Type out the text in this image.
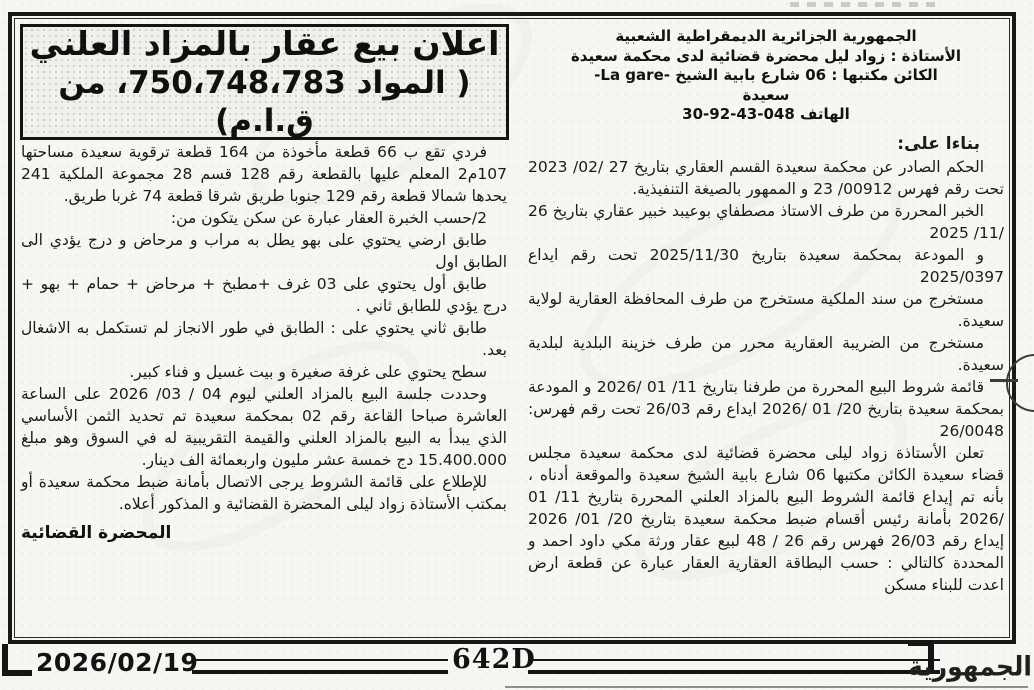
اعلان بيع عقار بالمزاد العلني
( المواد 750،748،783، من ق.ا.م)
الجمهورية الجزائرية الديمقراطية الشعبية
الأستاذة : زواد ليل محضرة قضائية لدى محكمة سعيدة
الكائن مكتبها : 06 شارع بابية الشيخ -La gare-
سعيدة
الهاتف 048-43-92-30
بناءا على:

الحكم الصادر عن محكمة سعيدة القسم العقاري بتاريخ 27 /02/ 2023 تحت رقم فهرس 00912/ 23 و الممهور بالصيغة التنفيذية.

الخبر المحررة من طرف الاستاذ مصطفاي بوعيبد خبير عقاري بتاريخ 26 /11/ 2025

و المودعة بمحكمة سعيدة بتاريخ 2025/11/30 تحت رقم ايداع 2025/0397

مستخرج من سند الملكية مستخرج من طرف المحافظة العقارية لولاية سعيدة.

مستخرج من الضريبة العقارية محرر من طرف خزينة البلدية لبلدية سعيدة.

قائمة شروط البيع المحررة من طرفنا بتاريخ 11/ 01 /2026 و المودعة بمحكمة سعيدة بتاريخ 20/ 01 /2026 ايداع رقم 26/03 تحت رقم فهرس: 26/0048

تعلن الأستاذة زواد ليلى محضرة قضائية لدى محكمة سعيدة مجلس قضاء سعيدة الكائن مكتبها 06 شارع بابية الشيخ سعيدة والموقعة أدناه ، بأنه تم إيداع قائمة الشروط البيع بالمزاد العلني المحررة بتاريخ 11/ 01 /2026 بأمانة رئيس أقسام ضبط محكمة سعيدة بتاريخ 20/ 01/ 2026 إيداع رقم 26/03 فهرس رقم 26 / 48 لبيع عقار ورثة مكي داود احمد و المحددة كالتالي : حسب البطاقة العقارية العقار عبارة عن قطعة ارض اعدت للبناء مسكن

فردي تقع ب 66 قطعة مأخوذة من 164 قطعة ترقوية سعيدة مساحتها 107م2 المعلم عليها بالقطعة رقم 128 قسم 28 مجموعة الملكية 241 يحدها شمالا قطعة رقم 129 جنوبا طريق شرقا قطعة 74 غربا طريق.

2/حسب الخبرة العقار عبارة عن سكن يتكون من:

طابق ارضي يحتوي على بهو يطل به مراب و مرحاض و درج يؤدي الى الطابق اول

طابق أول يحتوي على 03 غرف +مطبخ + مرحاض + حمام + بهو + درج يؤدي للطابق ثاني .

طابق ثاني يحتوي على : الطابق في طور الانجاز لم تستكمل به الاشغال بعد.

سطح يحتوي على غرفة صغيرة و بيت غسيل و فناء كبير.

وحددت جلسة البيع بالمزاد العلني ليوم 04 / 03/ 2026 على الساعة العاشرة صباحا القاعة رقم 02 بمحكمة سعيدة تم تحديد الثمن الأساسي الذي يبدأ به البيع بالمزاد العلني والقيمة التقريبية له في السوق وهو مبلغ 15.400.000 دج خمسة عشر مليون واربعمائة الف دينار.

للإطلاع على قائمة الشروط يرجى الاتصال بأمانة ضبط محكمة سعيدة أو بمكتب الأستاذة زواد ليلى المحضرة القضائية و المذكور أعلاه.

المحضرة القضائية
2026/02/19	642D	الجمهورية
